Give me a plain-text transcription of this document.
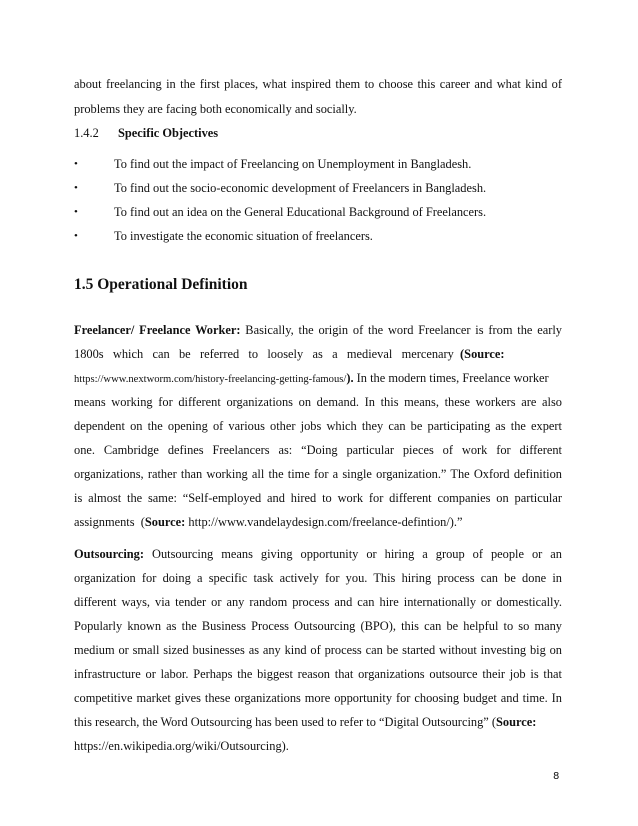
about freelancing in the first places, what inspired them to choose this career and what kind of
problems they are facing both economically and socially.
1.4.2 Specific Objectives
•	To find out the impact of Freelancing on Unemployment in Bangladesh.
•	To find out the socio-economic development of Freelancers in Bangladesh.
•	To find out an idea on the General Educational Background of Freelancers.
•	To investigate the economic situation of freelancers.
1.5 Operational Definition
Freelancer/ Freelance Worker: Basically, the origin of the word Freelancer is from the early
1800s   which   can   be   referred   to   loosely   as   a   medieval   mercenary  (Source:
https://www.nextworm.com/history-freelancing-getting-famous/). In the modern times, Freelance worker
means working for different organizations on demand. In this means, these workers are also
dependent on the opening of various other jobs which they can be participating as the expert
one. Cambridge defines Freelancers as: “Doing particular pieces of work for different
organizations, rather than working all the time for a single organization.” The Oxford definition
is almost the same: “Self-employed and hired to work for different companies on particular
assignments  (Source: http://www.vandelaydesign.com/freelance-defintion/).”
Outsourcing: Outsourcing means giving opportunity or hiring a group of people or an
organization for doing a specific task actively for you. This hiring process can be done in
different ways, via tender or any random process and can hire internationally or domestically.
Popularly known as the Business Process Outsourcing (BPO), this can be helpful to so many
medium or small sized businesses as any kind of process can be started without investing big on
infrastructure or labor. Perhaps the biggest reason that organizations outsource their job is that
competitive market gives these organizations more opportunity for choosing budget and time. In
this research, the Word Outsourcing has been used to refer to “Digital Outsourcing” (Source:
https://en.wikipedia.org/wiki/Outsourcing).
8
